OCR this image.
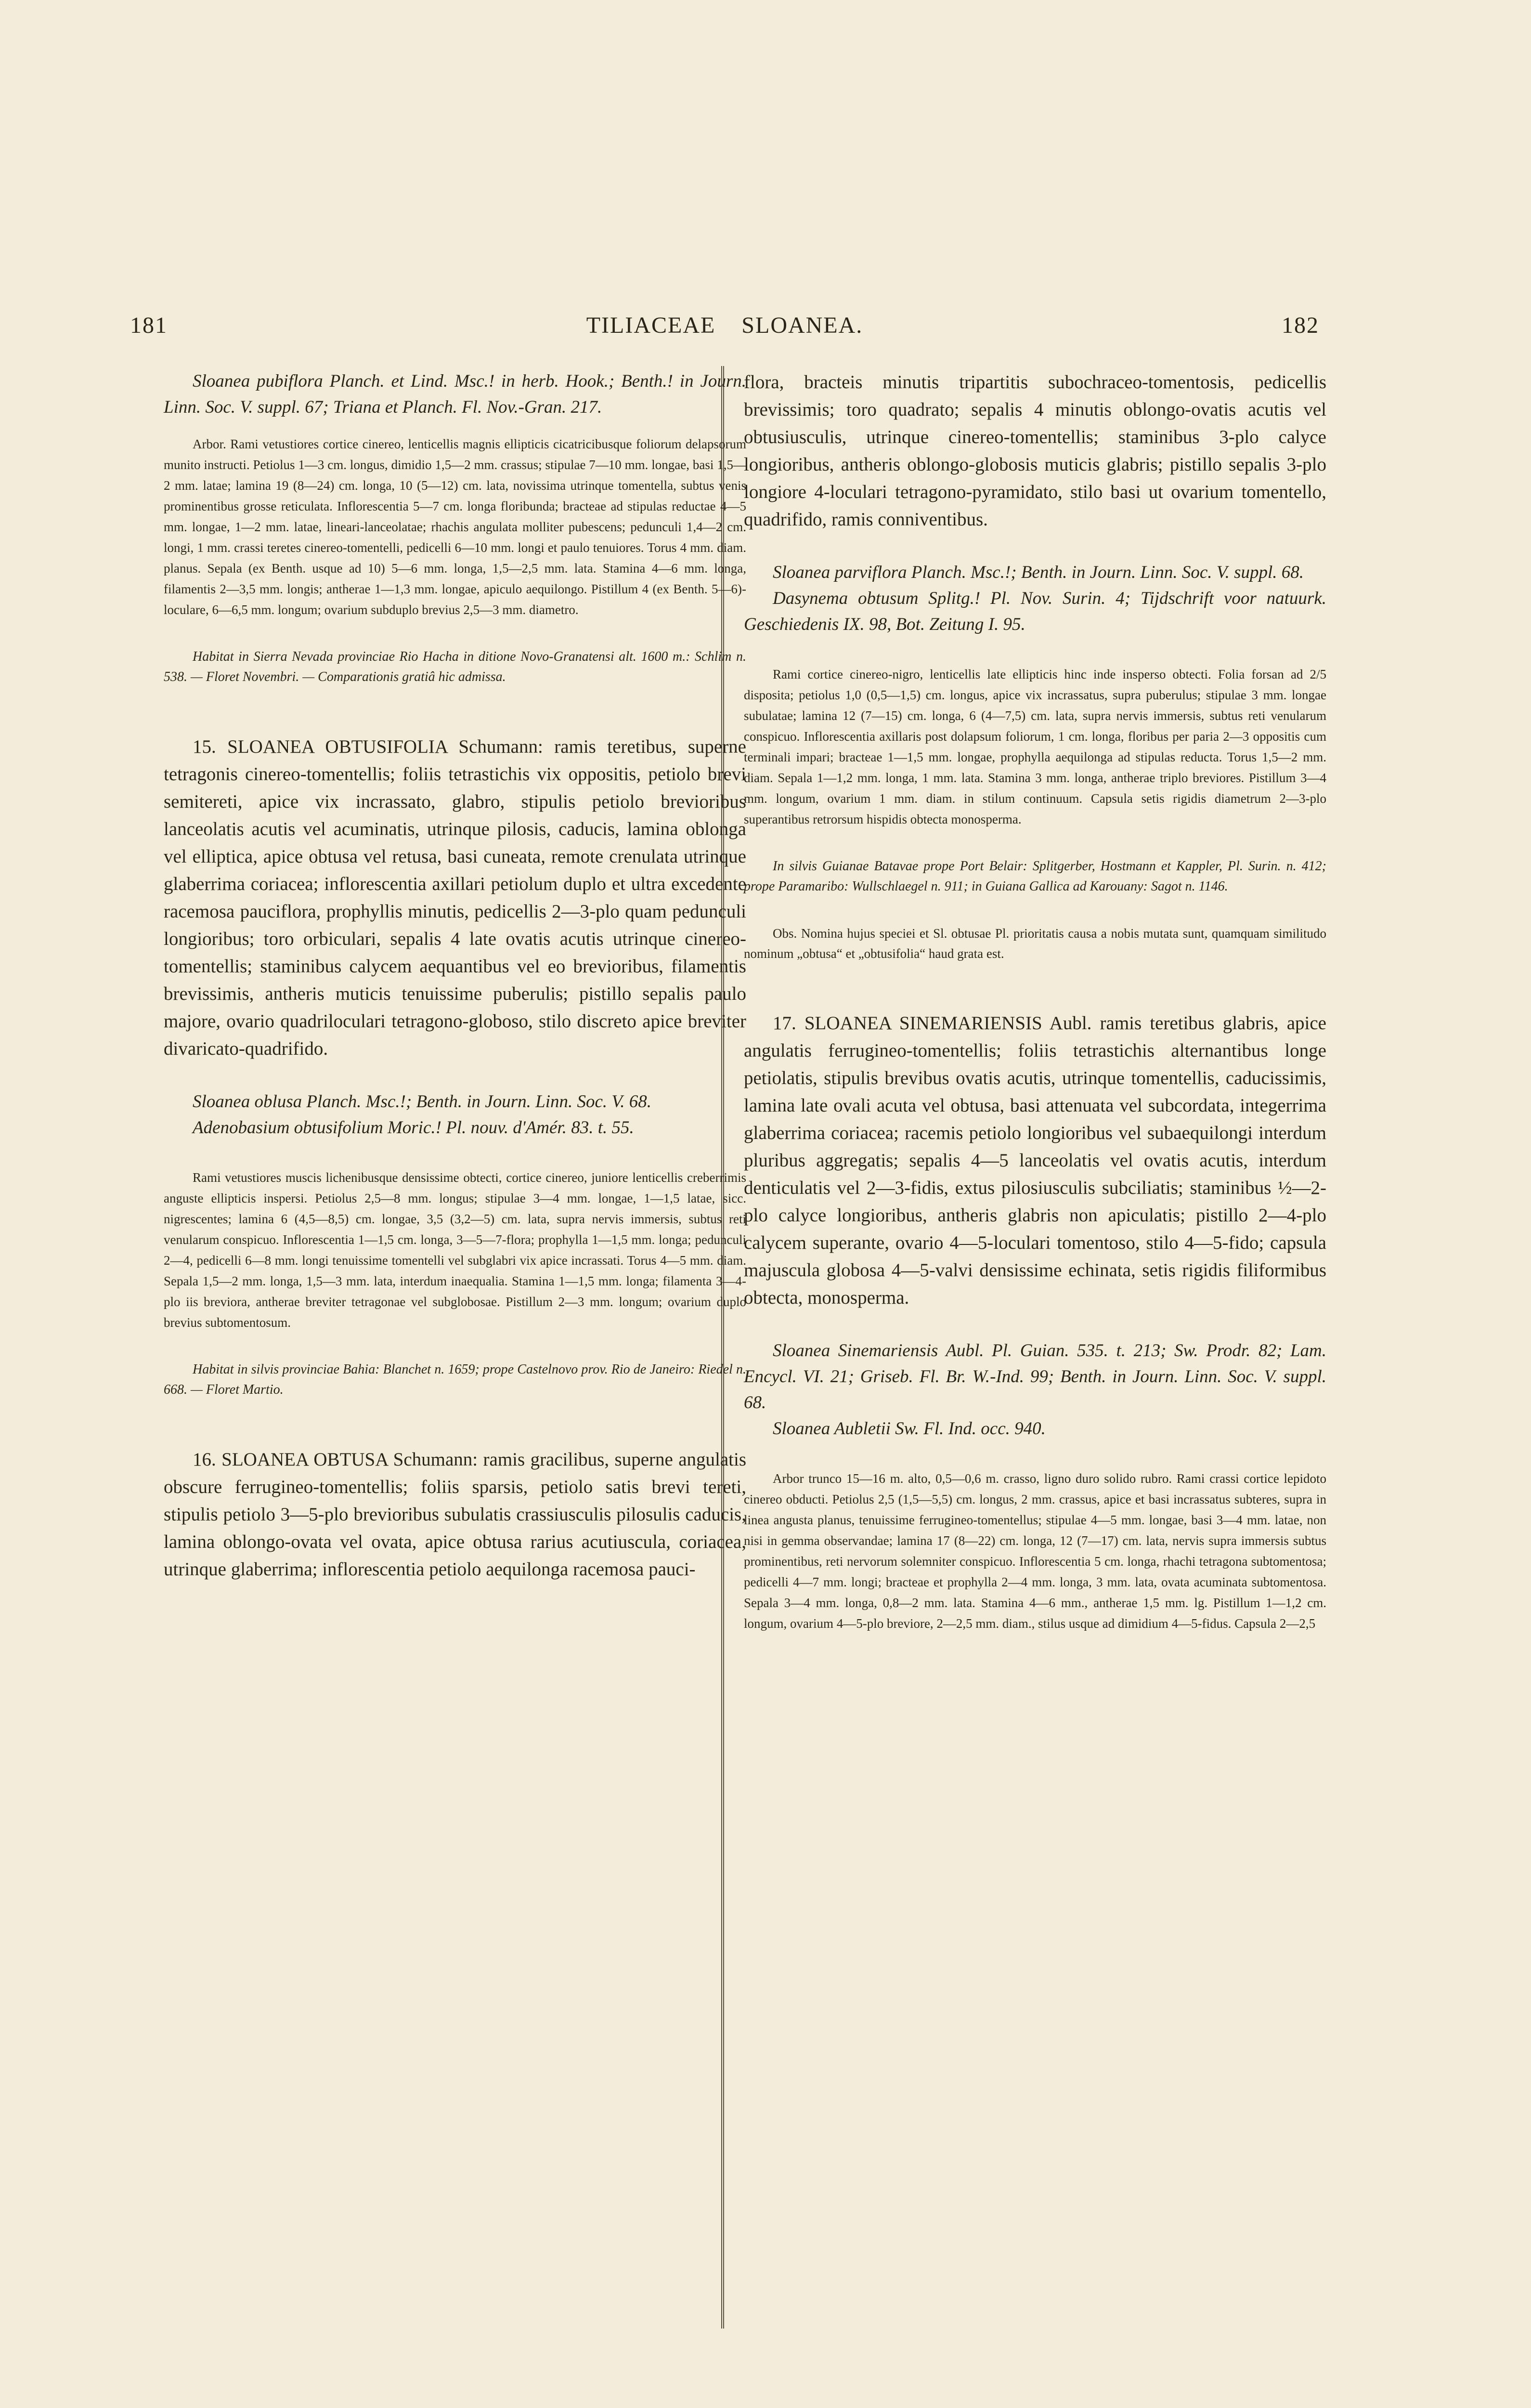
181	TILIACEAE SLOANEA.	182

Sloanea pubiflora Planch. et Lind. Msc.! in herb. Hook.; Benth.! in Journ. Linn. Soc. V. suppl. 67; Triana et Planch. Fl. Nov.-Gran. 217.

Arbor. Rami vetustiores cortice cinereo, lenticellis magnis ellipticis cicatricibusque foliorum delapsorum munito instructi. Petiolus 1—3 cm. longus, dimidio 1,5—2 mm. crassus; stipulae 7—10 mm. longae, basi 1,5—2 mm. latae; lamina 19 (8—24) cm. longa, 10 (5—12) cm. lata, novissima utrinque tomentella, subtus venis prominentibus grosse reticulata. Inflorescentia 5—7 cm. longa floribunda; bracteae ad stipulas reductae 4—5 mm. longae, 1—2 mm. latae, lineari-lanceolatae; rhachis angulata molliter pubescens; pedunculi 1,4—2 cm. longi, 1 mm. crassi teretes cinereo-tomentelli, pedicelli 6—10 mm. longi et paulo tenuiores. Torus 4 mm. diam. planus. Sepala (ex Benth. usque ad 10) 5—6 mm. longa, 1,5—2,5 mm. lata. Stamina 4—6 mm. longa, filamentis 2—3,5 mm. longis; antherae 1—1,3 mm. longae, apiculo aequilongo. Pistillum 4 (ex Benth. 5—6)-loculare, 6—6,5 mm. longum; ovarium subduplo brevius 2,5—3 mm. diametro.

Habitat in Sierra Nevada provinciae Rio Hacha in ditione Novo-Granatensi alt. 1600 m.: Schlim n. 538. — Floret Novembri. — Comparationis gratiâ hic admissa.

15. SLOANEA OBTUSIFOLIA Schumann: ramis teretibus, superne tetragonis cinereo-tomentellis; foliis tetrastichis vix oppositis, petiolo brevi semitereti, apice vix incrassato, glabro, stipulis petiolo brevioribus lanceolatis acutis vel acuminatis, utrinque pilosis, caducis, lamina oblonga vel elliptica, apice obtusa vel retusa, basi cuneata, remote crenulata utrinque glaberrima coriacea; inflorescentia axillari petiolum duplo et ultra excedente racemosa pauciflora, prophyllis minutis, pedicellis 2—3-plo quam pedunculi longioribus; toro orbiculari, sepalis 4 late ovatis acutis utrinque cinereo-tomentellis; staminibus calycem aequantibus vel eo brevioribus, filamentis brevissimis, antheris muticis tenuissime puberulis; pistillo sepalis paulo majore, ovario quadriloculari tetragono-globoso, stilo discreto apice breviter divaricato-quadrifido.

Sloanea oblusa Planch. Msc.!; Benth. in Journ. Linn. Soc. V. 68.

Adenobasium obtusifolium Moric.! Pl. nouv. d'Amér. 83. t. 55.

Rami vetustiores muscis lichenibusque densissime obtecti, cortice cinereo, juniore lenticellis creberrimis anguste ellipticis inspersi. Petiolus 2,5—8 mm. longus; stipulae 3—4 mm. longae, 1—1,5 latae, sicc. nigrescentes; lamina 6 (4,5—8,5) cm. longae, 3,5 (3,2—5) cm. lata, supra nervis immersis, subtus reti venularum conspicuo. Inflorescentia 1—1,5 cm. longa, 3—5—7-flora; prophylla 1—1,5 mm. longa; pedunculi 2—4, pedicelli 6—8 mm. longi tenuissime tomentelli vel subglabri vix apice incrassati. Torus 4—5 mm. diam. Sepala 1,5—2 mm. longa, 1,5—3 mm. lata, interdum inaequalia. Stamina 1—1,5 mm. longa; filamenta 3—4-plo iis breviora, antherae breviter tetragonae vel subglobosae. Pistillum 2—3 mm. longum; ovarium duplo brevius subtomentosum.

Habitat in silvis provinciae Bahia: Blanchet n. 1659; prope Castelnovo prov. Rio de Janeiro: Riedel n. 668. — Floret Martio.

16. SLOANEA OBTUSA Schumann: ramis gracilibus, superne angulatis obscure ferrugineo-tomentellis; foliis sparsis, petiolo satis brevi tereti, stipulis petiolo 3—5-plo brevioribus subulatis crassiusculis pilosulis caducis, lamina oblongo-ovata vel ovata, apice obtusa rarius acutiuscula, coriacea, utrinque glaberrima; inflorescentia petiolo aequilonga racemosa pauci-

flora, bracteis minutis tripartitis subochraceo-tomentosis, pedicellis brevissimis; toro quadrato; sepalis 4 minutis oblongo-ovatis acutis vel obtusiusculis, utrinque cinereo-tomentellis; staminibus 3-plo calyce longioribus, antheris oblongo-globosis muticis glabris; pistillo sepalis 3-plo longiore 4-loculari tetragono-pyramidato, stilo basi ut ovarium tomentello, quadrifido, ramis conniventibus.

Sloanea parviflora Planch. Msc.!; Benth. in Journ. Linn. Soc. V. suppl. 68.

Dasynema obtusum Splitg.! Pl. Nov. Surin. 4; Tijdschrift voor natuurk. Geschiedenis IX. 98, Bot. Zeitung I. 95.

Rami cortice cinereo-nigro, lenticellis late ellipticis hinc inde inspersо obtecti. Folia forsan ad 2/5 disposita; petiolus 1,0 (0,5—1,5) cm. longus, apice vix incrassatus, supra puberulus; stipulae 3 mm. longae subulatae; lamina 12 (7—15) cm. longa, 6 (4—7,5) cm. lata, supra nervis immersis, subtus reti venularum conspicuo. Inflorescentia axillaris post dolapsum foliorum, 1 cm. longa, floribus per paria 2—3 oppositis cum terminali impari; bracteae 1—1,5 mm. longae, prophylla aequilonga ad stipulas reducta. Torus 1,5—2 mm. diam. Sepala 1—1,2 mm. longa, 1 mm. lata. Stamina 3 mm. longa, antherae triplo breviores. Pistillum 3—4 mm. longum, ovarium 1 mm. diam. in stilum continuum. Capsula setis rigidis diametrum 2—3-plo superantibus retrorsum hispidis obtecta monosperma.

In silvis Guianae Batavae prope Port Belair: Splitgerber, Hostmann et Kappler, Pl. Surin. n. 412; prope Paramaribo: Wullschlaegel n. 911; in Guiana Gallica ad Karouany: Sagot n. 1146.

Obs. Nomina hujus speciei et Sl. obtusae Pl. prioritatis causa a nobis mutata sunt, quamquam similitudo nominum „obtusa“ et „obtusifolia“ haud grata est.

17. SLOANEA SINEMARIENSIS Aubl. ramis teretibus glabris, apice angulatis ferrugineo-tomentellis; foliis tetrastichis alternantibus longe petiolatis, stipulis brevibus ovatis acutis, utrinque tomentellis, caducissimis, lamina late ovali acuta vel obtusa, basi attenuata vel subcordata, integerrima glaberrima coriacea; racemis petiolo longioribus vel subaequilongi interdum pluribus aggregatis; sepalis 4—5 lanceolatis vel ovatis acutis, interdum denticulatis vel 2—3-fidis, extus pilosiusculis subciliatis; staminibus ½—2-plo calyce longioribus, antheris glabris non apiculatis; pistillo 2—4-plo calycem superante, ovario 4—5-loculari tomentoso, stilo 4—5-fido; capsula majuscula globosa 4—5-valvi densissime echinata, setis rigidis filiformibus obtecta, monosperma.

Sloanea Sinemariensis Aubl. Pl. Guian. 535. t. 213; Sw. Prodr. 82; Lam. Encycl. VI. 21; Griseb. Fl. Br. W.-Ind. 99; Benth. in Journ. Linn. Soc. V. suppl. 68.

Sloanea Aubletii Sw. Fl. Ind. occ. 940.

Arbor trunco 15—16 m. alto, 0,5—0,6 m. crasso, ligno duro solido rubro. Rami crassi cortice lepidoto cinereo obducti. Petiolus 2,5 (1,5—5,5) cm. longus, 2 mm. crassus, apice et basi incrassatus subteres, supra in linea angusta planus, tenuissime ferrugineo-tomentellus; stipulae 4—5 mm. longae, basi 3—4 mm. latae, non nisi in gemma observandae; lamina 17 (8—22) cm. longa, 12 (7—17) cm. lata, nervis supra immersis subtus prominentibus, reti nervorum solemniter conspicuo. Inflorescentia 5 cm. longa, rhachi tetragona subtomentosa; pedicelli 4—7 mm. longi; bracteae et prophylla 2—4 mm. longa, 3 mm. lata, ovata acuminata subtomentosa. Sepala 3—4 mm. longa, 0,8—2 mm. lata. Stamina 4—6 mm., antherae 1,5 mm. lg. Pistillum 1—1,2 cm. longum, ovarium 4—5-plo breviore, 2—2,5 mm. diam., stilus usque ad dimidium 4—5-fidus. Capsula 2—2,5
